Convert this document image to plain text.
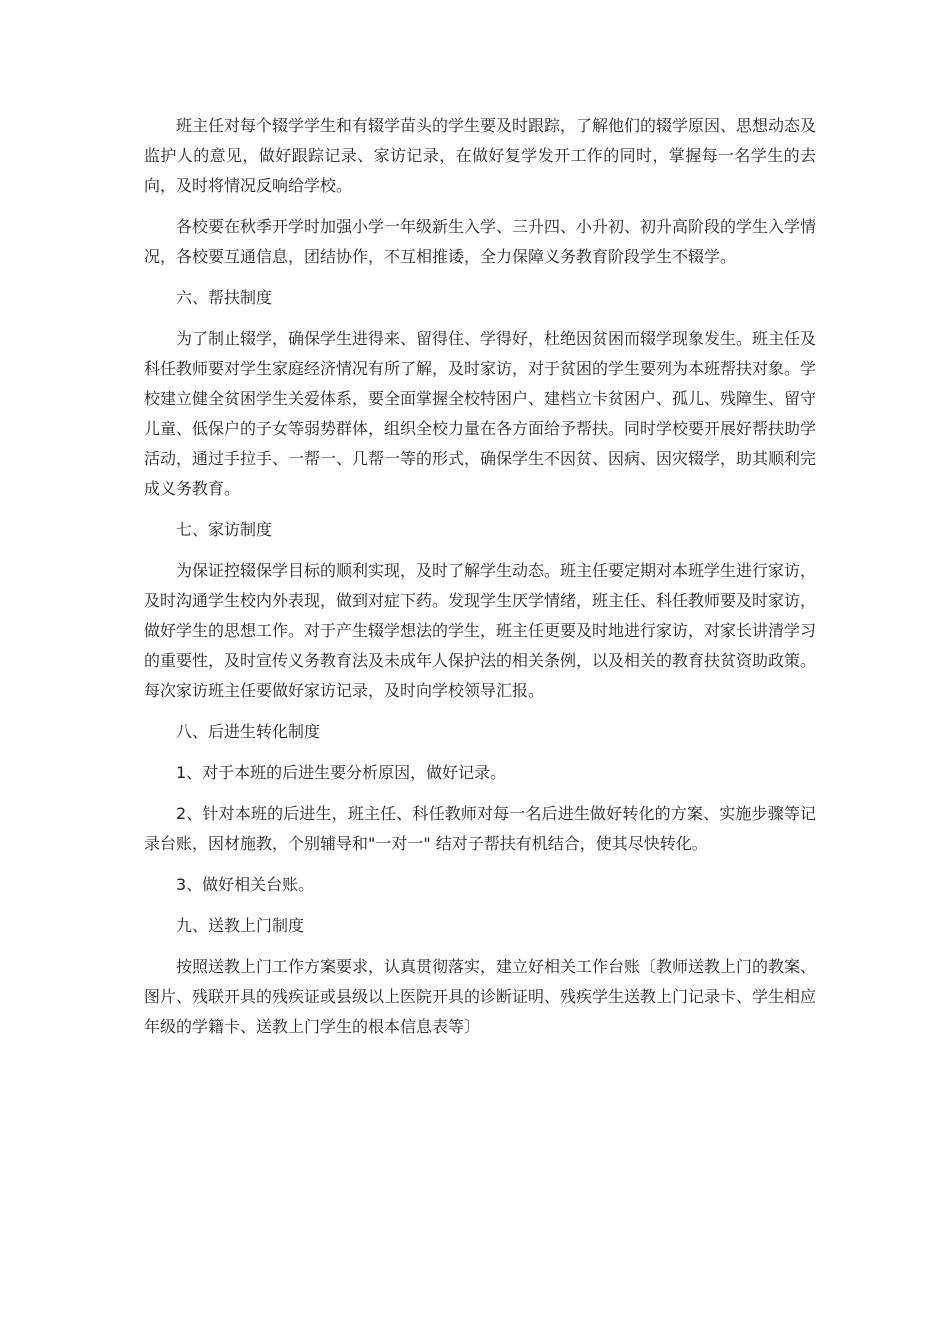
班主任对每个辍学学生和有辍学苗头的学生要及时跟踪，了解他们的辍学原因、思想动态及监护人的意见，做好跟踪记录、家访记录，在做好复学发开工作的同时，掌握每一名学生的去向，及时将情况反响给学校。

各校要在秋季开学时加强小学一年级新生入学、三升四、小升初、初升高阶段的学生入学情况，各校要互通信息，团结协作，不互相推诿，全力保障义务教育阶段学生不辍学。

六、帮扶制度

为了制止辍学，确保学生进得来、留得住、学得好，杜绝因贫困而辍学现象发生。班主任及科任教师要对学生家庭经济情况有所了解，及时家访，对于贫困的学生要列为本班帮扶对象。学校建立健全贫困学生关爱体系，要全面掌握全校特困户、建档立卡贫困户、孤儿、残障生、留守儿童、低保户的子女等弱势群体，组织全校力量在各方面给予帮扶。同时学校要开展好帮扶助学活动，通过手拉手、一帮一、几帮一等的形式，确保学生不因贫、因病、因灾辍学，助其顺利完成义务教育。

七、家访制度

为保证控辍保学目标的顺利实现，及时了解学生动态。班主任要定期对本班学生进行家访，及时沟通学生校内外表现，做到对症下药。发现学生厌学情绪，班主任、科任教师要及时家访，做好学生的思想工作。对于产生辍学想法的学生，班主任更要及时地进行家访，对家长讲清学习的重要性，及时宣传义务教育法及未成年人保护法的相关条例，以及相关的教育扶贫资助政策。每次家访班主任要做好家访记录，及时向学校领导汇报。

八、后进生转化制度

1、对于本班的后进生要分析原因，做好记录。

2、针对本班的后进生，班主任、科任教师对每一名后进生做好转化的方案、实施步骤等记录台账，因材施教，个别辅导和"一对一" 结对子帮扶有机结合，使其尽快转化。

3、做好相关台账。

九、送教上门制度

按照送教上门工作方案要求，认真贯彻落实，建立好相关工作台账〔教师送教上门的教案、图片、残联开具的残疾证或县级以上医院开具的诊断证明、残疾学生送教上门记录卡、学生相应年级的学籍卡、送教上门学生的根本信息表等〕
